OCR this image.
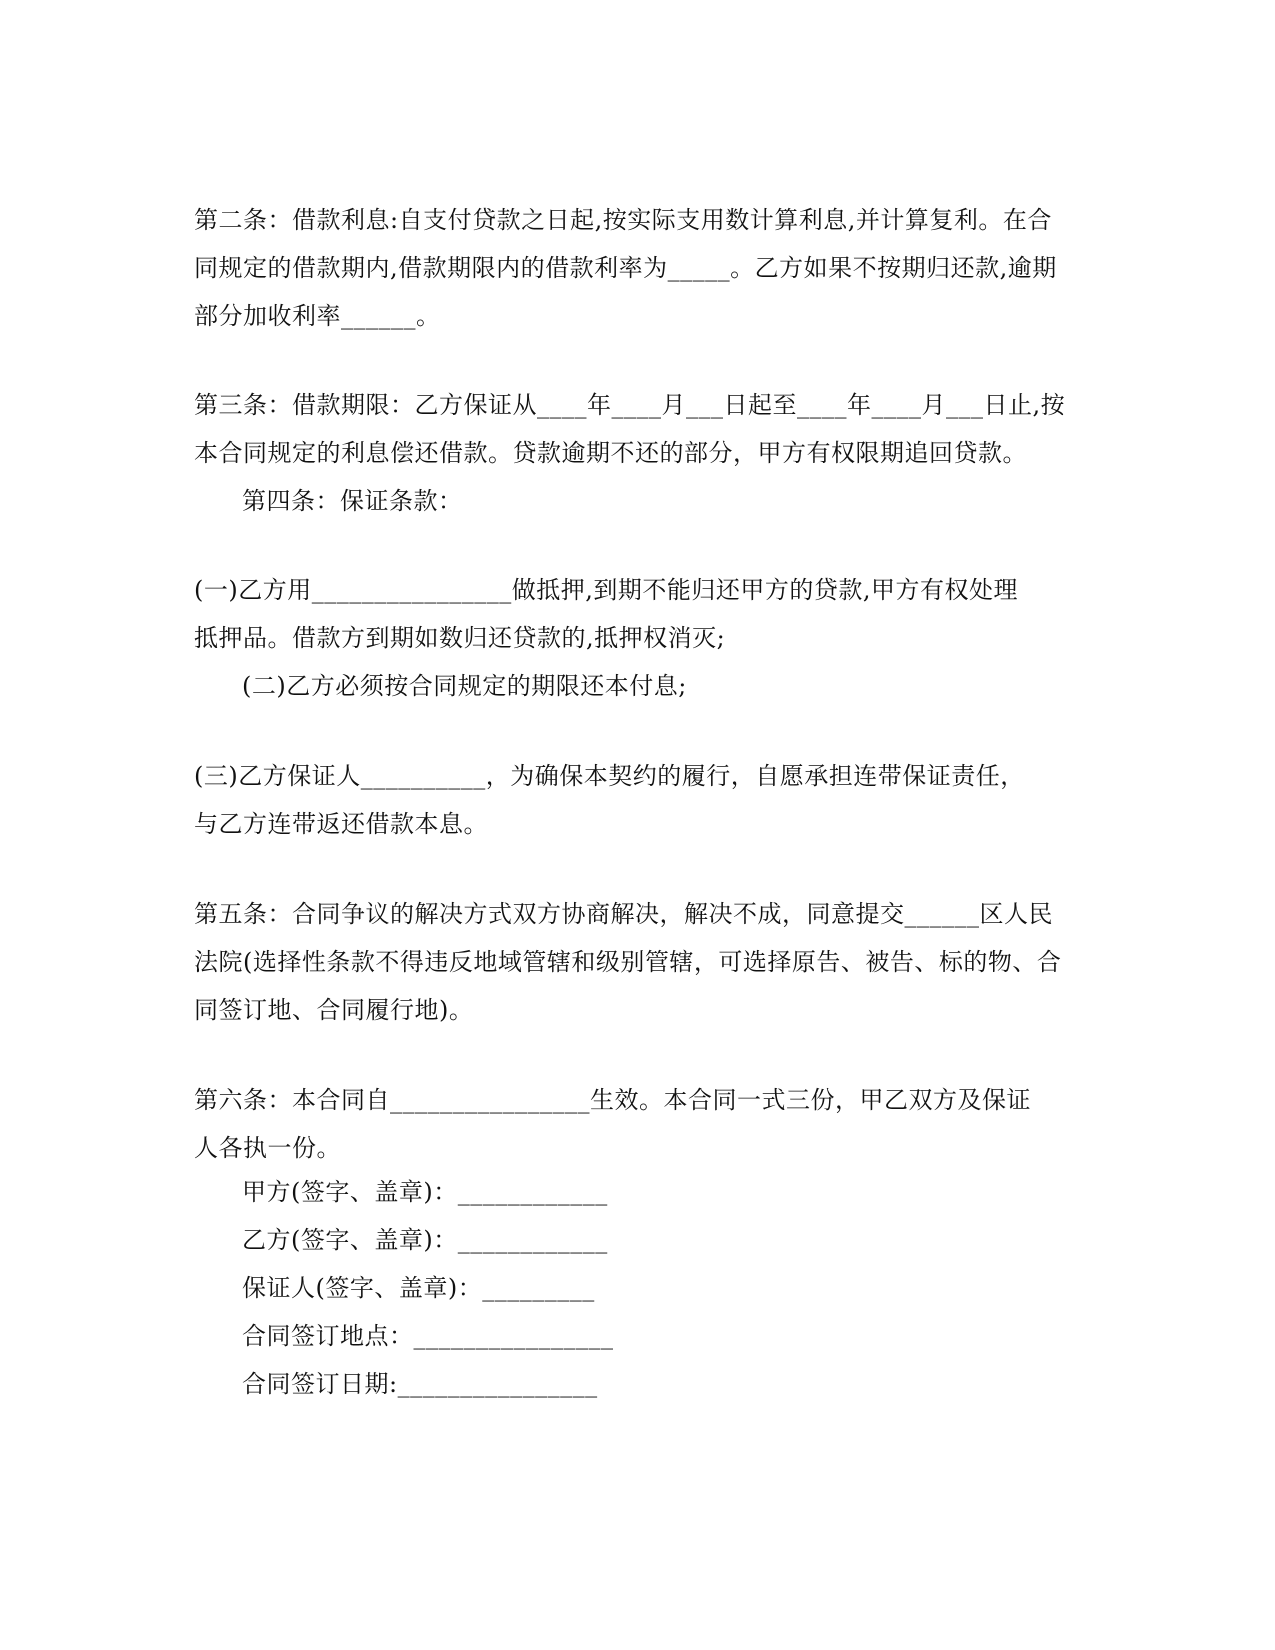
第二条：借款利息:自支付贷款之日起,按实际支用数计算利息,并计算复利。在合
同规定的借款期内,借款期限内的借款利率为_____。乙方如果不按期归还款,逾期
部分加收利率______。
第三条：借款期限：乙方保证从____年____月___日起至____年____月___日止,按
本合同规定的利息偿还借款。贷款逾期不还的部分，甲方有权限期追回贷款。
第四条：保证条款：
(一)乙方用________________做抵押,到期不能归还甲方的贷款,甲方有权处理
抵押品。借款方到期如数归还贷款的,抵押权消灭;
(二)乙方必须按合同规定的期限还本付息;
(三)乙方保证人__________，为确保本契约的履行，自愿承担连带保证责任，
与乙方连带返还借款本息。
第五条：合同争议的解决方式双方协商解决，解决不成，同意提交______区人民
法院(选择性条款不得违反地域管辖和级别管辖，可选择原告、被告、标的物、合
同签订地、合同履行地)。
第六条：本合同自________________生效。本合同一式三份，甲乙双方及保证
人各执一份。
甲方(签字、盖章)：____________
乙方(签字、盖章)：____________
保证人(签字、盖章)：_________
合同签订地点：________________
合同签订日期:________________
